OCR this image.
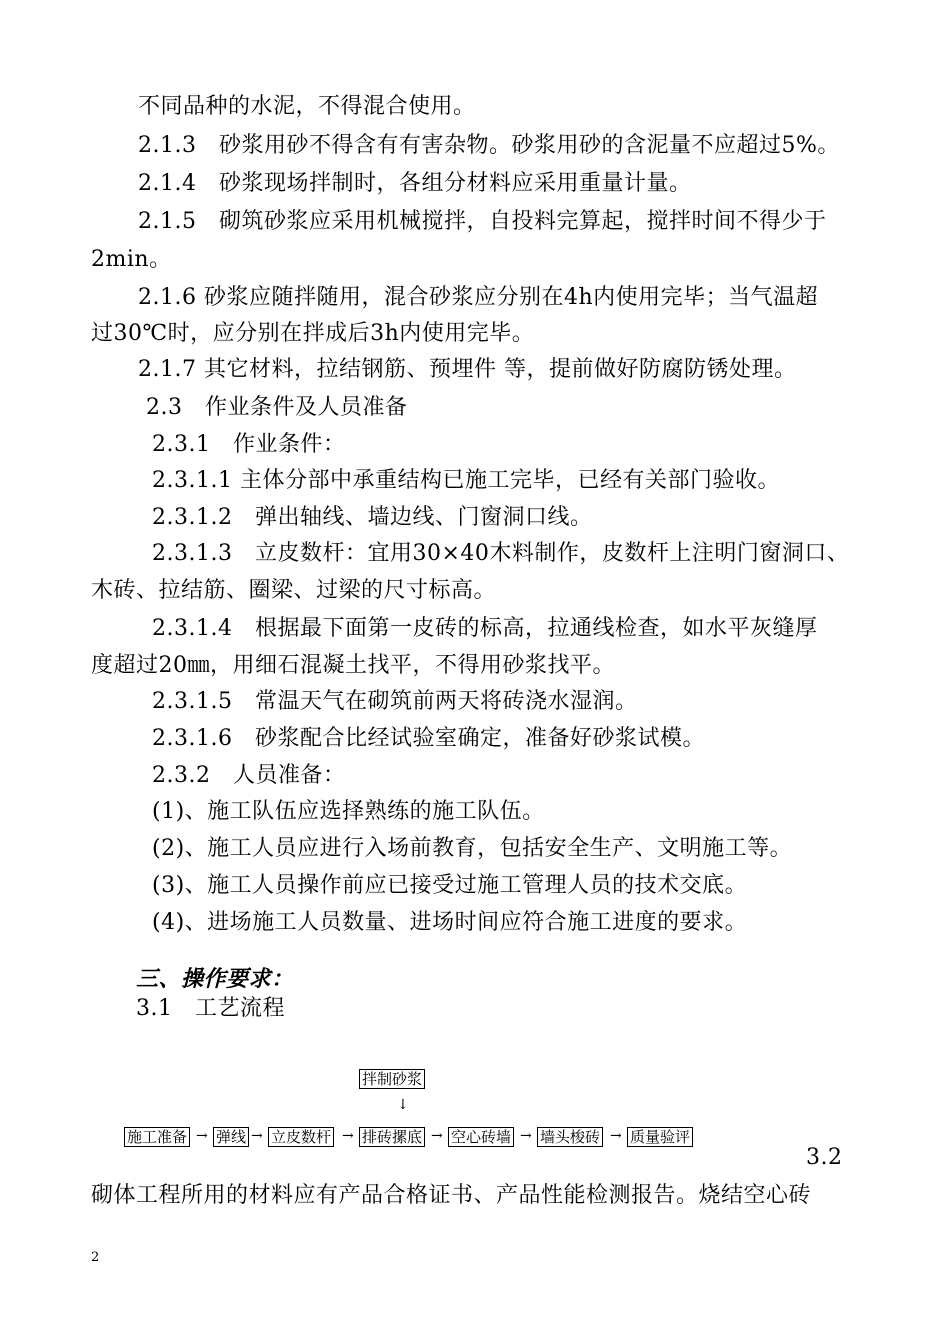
不同品种的水泥，不得混合使用。
2.1.3　砂浆用砂不得含有有害杂物。砂浆用砂的含泥量不应超过5%。
2.1.4　砂浆现场拌制时，各组分材料应采用重量计量。
2.1.5　砌筑砂浆应采用机械搅拌，自投料完算起，搅拌时间不得少于
2min。
2.1.6 砂浆应随拌随用，混合砂浆应分别在4h内使用完毕；当气温超
过30℃时，应分别在拌成后3h内使用完毕。
2.1.7 其它材料，拉结钢筋、预埋件 等，提前做好防腐防锈处理。
2.3　作业条件及人员准备
2.3.1　作业条件：
2.3.1.1 主体分部中承重结构已施工完毕，已经有关部门验收。
2.3.1.2　弹出轴线、墙边线、门窗洞口线。
2.3.1.3　立皮数杆：宜用30×40木料制作，皮数杆上注明门窗洞口、
木砖、拉结筋、圈梁、过梁的尺寸标高。
2.3.1.4　根据最下面第一皮砖的标高，拉通线检查，如水平灰缝厚
度超过20㎜，用细石混凝土找平，不得用砂浆找平。
2.3.1.5　常温天气在砌筑前两天将砖浇水湿润。
2.3.1.6　砂浆配合比经试验室确定，准备好砂浆试模。
2.3.2　人员准备：
(1)、施工队伍应选择熟练的施工队伍。
(2)、施工人员应进行入场前教育，包括安全生产、文明施工等。
(3)、施工人员操作前应已接受过施工管理人员的技术交底。
(4)、进场施工人员数量、进场时间应符合施工进度的要求。
三、操作要求：
3.1　工艺流程
拌制砂浆
↓
施工准备 → 弹线 → 立皮数杆 → 排砖摞底 → 空心砖墙 → 墙头梭砖 → 质量验评
3.2
砌体工程所用的材料应有产品合格证书、产品性能检测报告。烧结空心砖
2
